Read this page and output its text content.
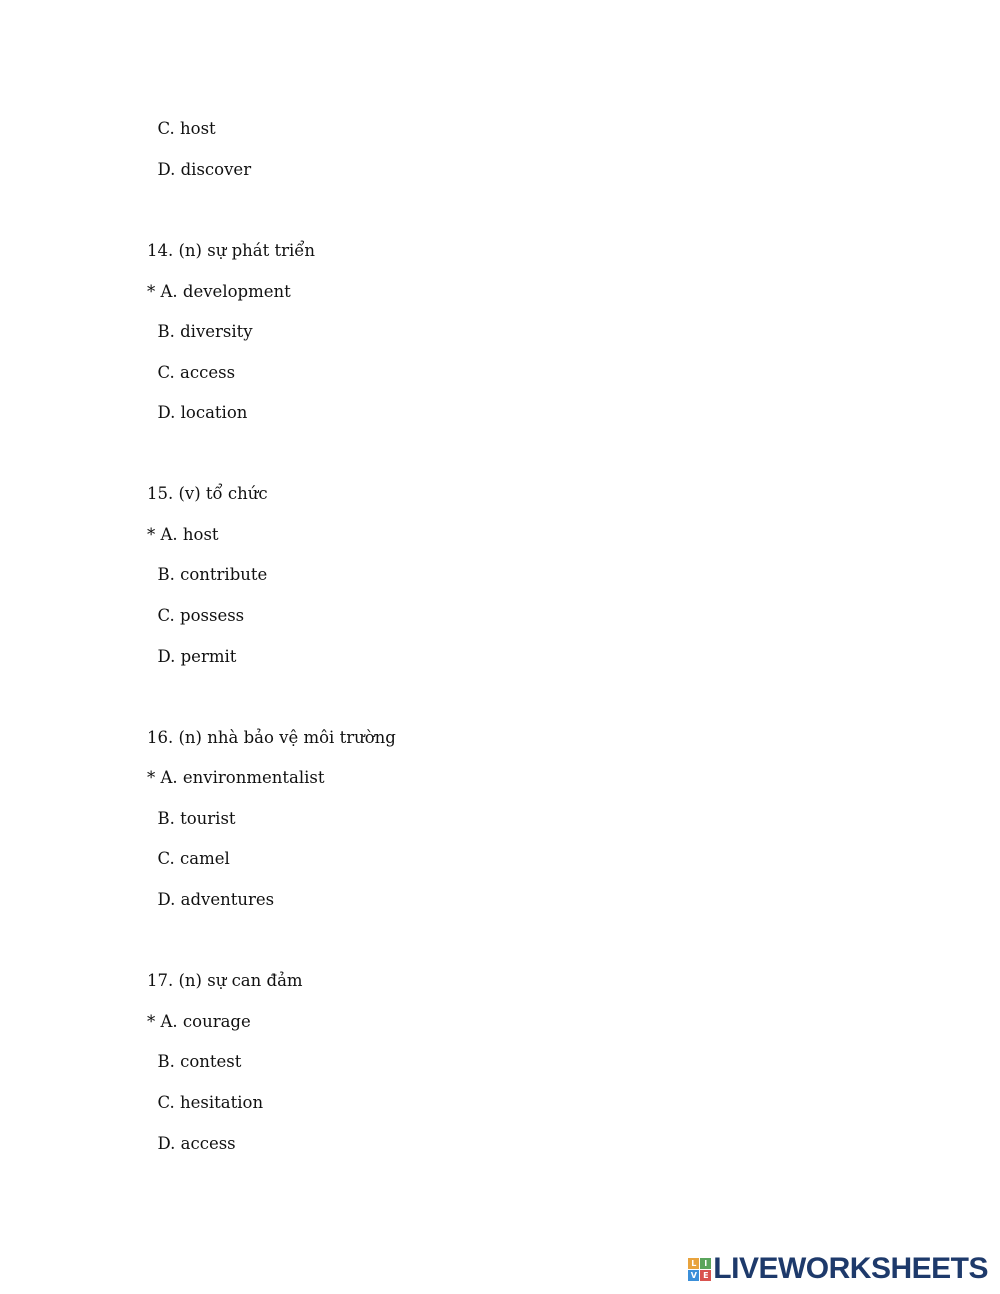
C. host
D. discover
14. (n) sự phát triển
* A. development
B. diversity
C. access
D. location
15. (v) tổ chức
* A. host
B. contribute
C. possess
D. permit
16. (n) nhà bảo vệ môi trường
* A. environmentalist
B. tourist
C. camel
D. adventures
17. (n) sự can đảm
* A. courage
B. contest
C. hesitation
D. access
L I
V E LIVEWORKSHEETS
